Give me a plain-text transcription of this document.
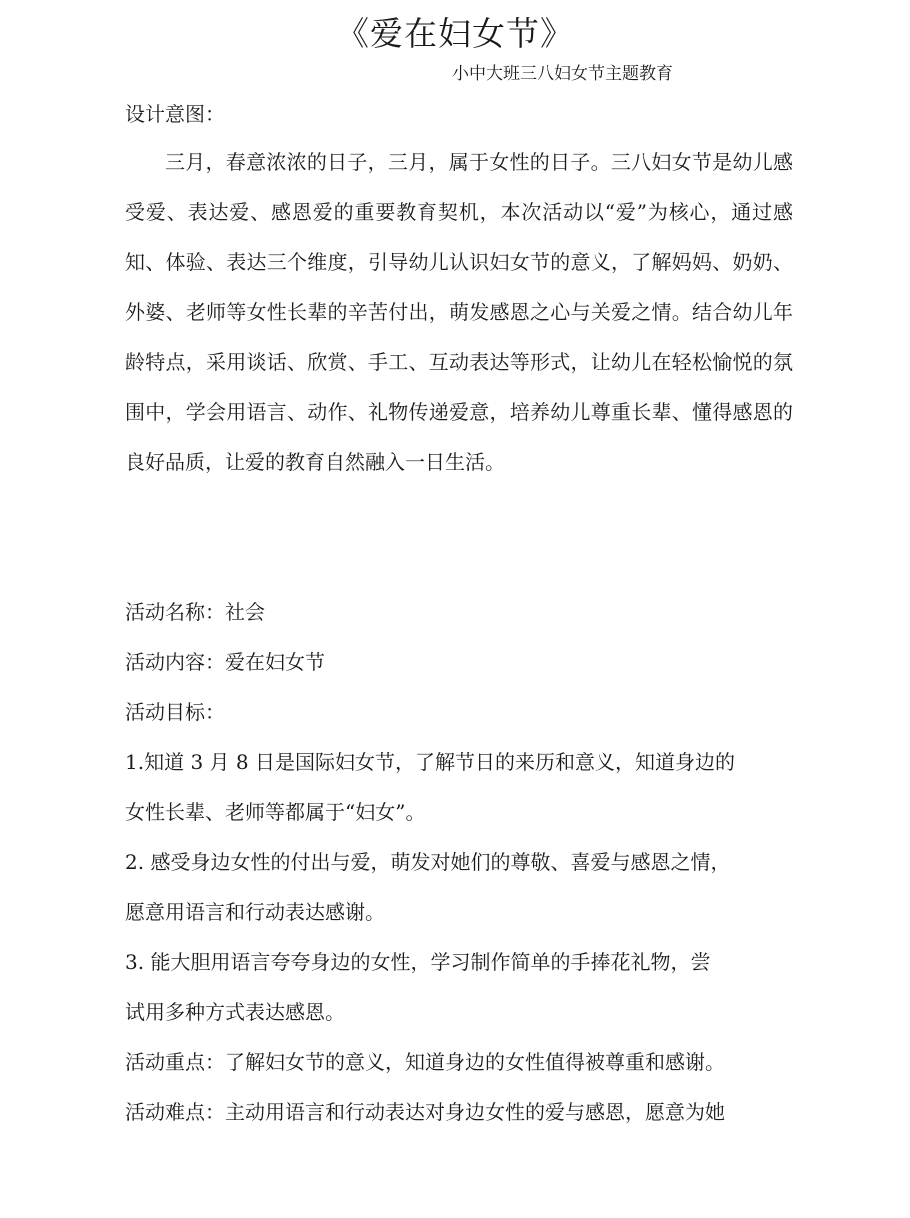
《爱在妇女节》
小中大班三八妇女节主题教育
设计意图：

三月，春意浓浓的日子，三月，属于女性的日子。三八妇女节是幼儿感受爱、表达爱、感恩爱的重要教育契机，本次活动以“爱”为核心，通过感知、体验、表达三个维度，引导幼儿认识妇女节的意义，了解妈妈、奶奶、外婆、老师等女性长辈的辛苦付出，萌发感恩之心与关爱之情。结合幼儿年龄特点，采用谈话、欣赏、手工、互动表达等形式，让幼儿在轻松愉悦的氛围中，学会用语言、动作、礼物传递爱意，培养幼儿尊重长辈、懂得感恩的良好品质，让爱的教育自然融入一日生活。

活动名称：社会
活动内容：爱在妇女节
活动目标：
1.知道 3 月 8 日是国际妇女节，了解节日的来历和意义，知道身边的
女性长辈、老师等都属于“妇女”。
2. 感受身边女性的付出与爱，萌发对她们的尊敬、喜爱与感恩之情，
愿意用语言和行动表达感谢。
3. 能大胆用语言夸夸身边的女性，学习制作简单的手捧花礼物，尝
试用多种方式表达感恩。
活动重点：了解妇女节的意义，知道身边的女性值得被尊重和感谢。
活动难点：主动用语言和行动表达对身边女性的爱与感恩，愿意为她
